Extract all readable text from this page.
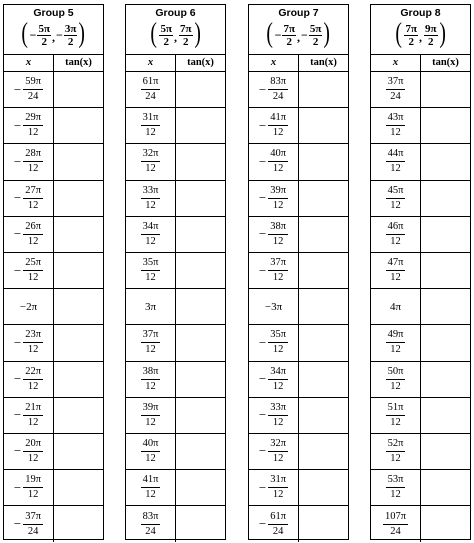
Group 5
( − $\frac{5\pi}{2}$ , − $\frac{3\pi}{2}$ )
x	tan(x)
− $\frac{59\pi}{24}$
− $\frac{29\pi}{12}$
− $\frac{28\pi}{12}$
− $\frac{27\pi}{12}$
− $\frac{26\pi}{12}$
− $\frac{25\pi}{12}$
−2π
− $\frac{23\pi}{12}$
− $\frac{22\pi}{12}$
− $\frac{21\pi}{12}$
− $\frac{20\pi}{12}$
− $\frac{19\pi}{12}$
− $\frac{37\pi}{24}$
Group 6
( $\frac{5\pi}{2}$ , $\frac{7\pi}{2}$ )
x	tan(x)
$\frac{61\pi}{24}$
$\frac{31\pi}{12}$
$\frac{32\pi}{12}$
$\frac{33\pi}{12}$
$\frac{34\pi}{12}$
$\frac{35\pi}{12}$
3π
$\frac{37\pi}{12}$
$\frac{38\pi}{12}$
$\frac{39\pi}{12}$
$\frac{40\pi}{12}$
$\frac{41\pi}{12}$
$\frac{83\pi}{24}$
Group 7
( − $\frac{7\pi}{2}$ , − $\frac{5\pi}{2}$ )
x	tan(x)
− $\frac{83\pi}{24}$
− $\frac{41\pi}{12}$
− $\frac{40\pi}{12}$
− $\frac{39\pi}{12}$
− $\frac{38\pi}{12}$
− $\frac{37\pi}{12}$
−3π
− $\frac{35\pi}{12}$
− $\frac{34\pi}{12}$
− $\frac{33\pi}{12}$
− $\frac{32\pi}{12}$
− $\frac{31\pi}{12}$
− $\frac{61\pi}{24}$
Group 8
( $\frac{7\pi}{2}$ , $\frac{9\pi}{2}$ )
x	tan(x)
$\frac{37\pi}{24}$
$\frac{43\pi}{12}$
$\frac{44\pi}{12}$
$\frac{45\pi}{12}$
$\frac{46\pi}{12}$
$\frac{47\pi}{12}$
4π
$\frac{49\pi}{12}$
$\frac{50\pi}{12}$
$\frac{51\pi}{12}$
$\frac{52\pi}{12}$
$\frac{53\pi}{12}$
$\frac{107\pi}{24}$
